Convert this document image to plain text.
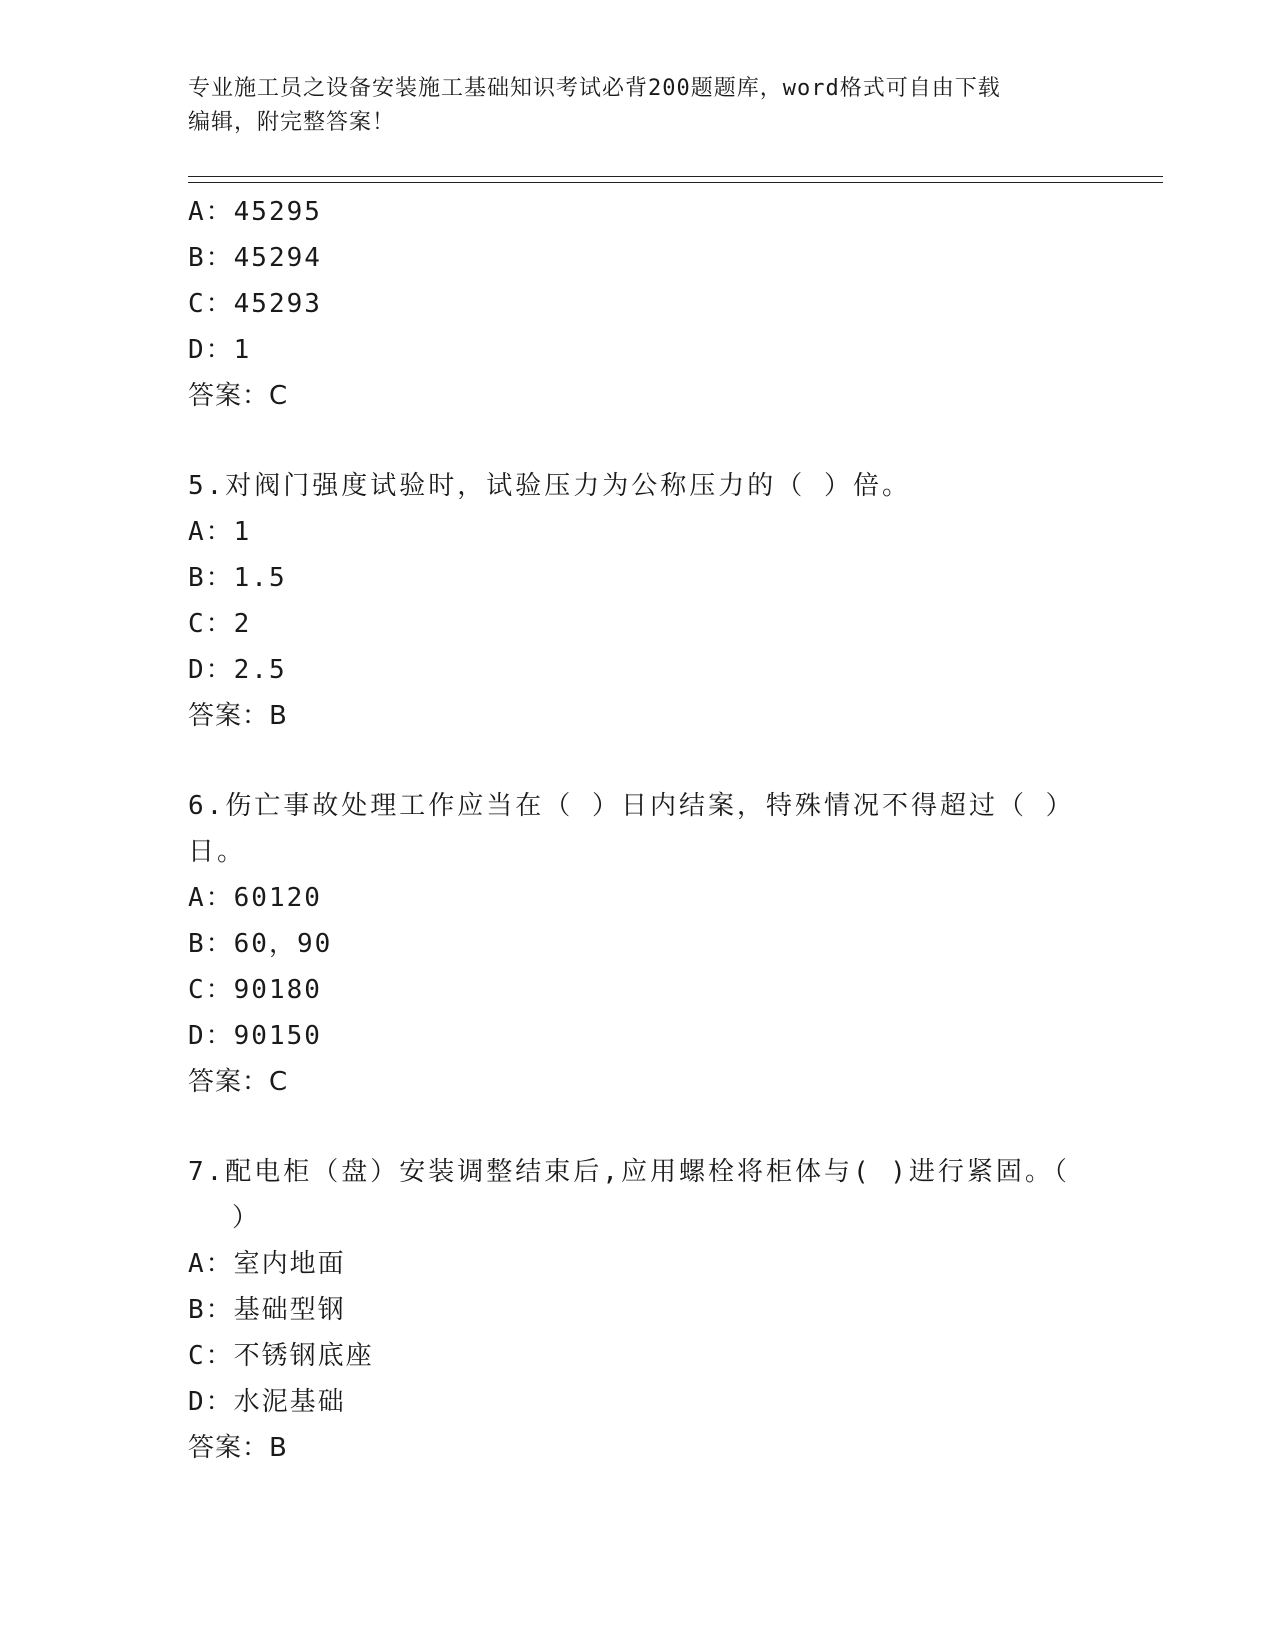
专业施工员之设备安装施工基础知识考试必背200题题库，word格式可自由下载
编辑，附完整答案！
A：45295
B：45294
C：45293
D：1
答案：C
5.对阀门强度试验时，试验压力为公称压力的（ ）倍。
A：1
B：1.5
C：2
D：2.5
答案：B
6.伤亡事故处理工作应当在（ ）日内结案，特殊情况不得超过（ ）
日。
A：60120
B：60，90
C：90180
D：90150
答案：C
7.配电柜（盘）安装调整结束后,应用螺栓将柜体与( )进行紧固。（
）
A：室内地面
B：基础型钢
C：不锈钢底座
D：水泥基础
答案：B
